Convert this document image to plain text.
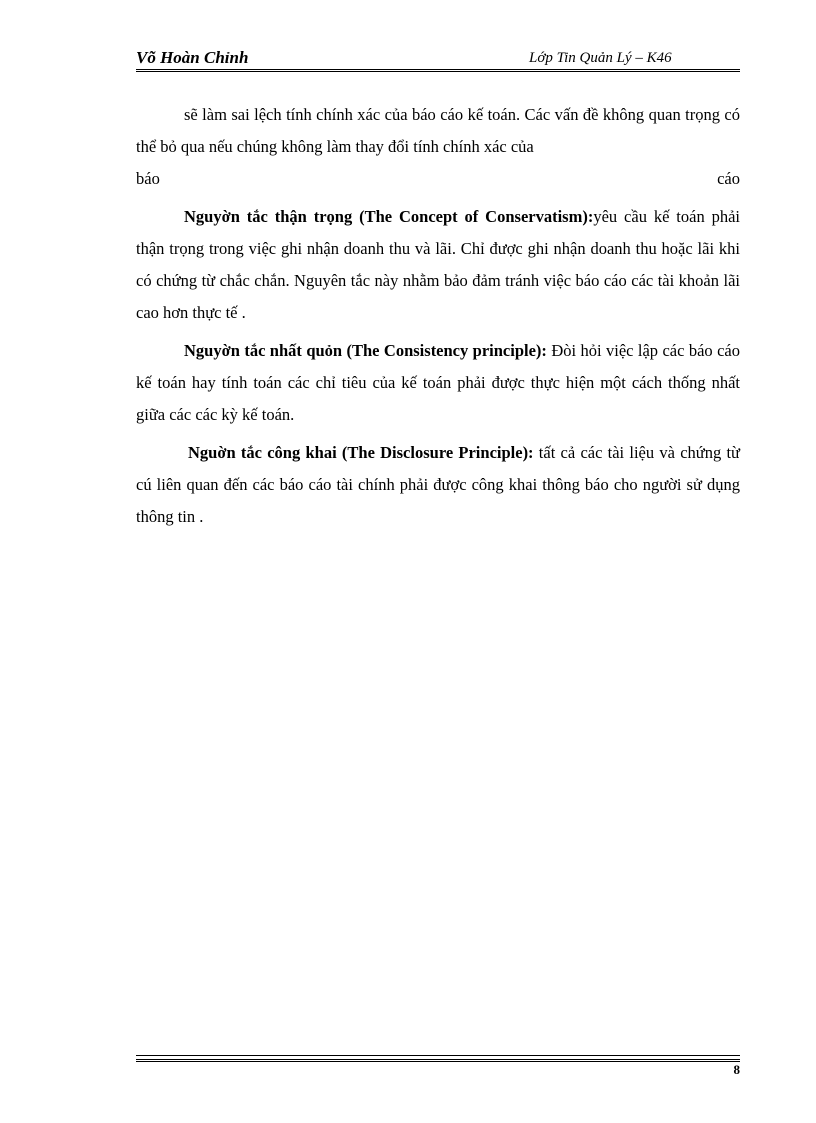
Võ Hoàn Chỉnh	Lớp Tin Quản Lý – K46

sẽ làm sai lệch tính chính xác của báo cáo kế toán. Các vấn đề không quan trọng có thể bỏ qua nếu chúng không làm thay đổi tính chính xác của

báo	cáo

Nguyờn tắc thận trọng (The Concept of Conservatism):yêu cầu kế toán phải thận trọng trong việc ghi nhận doanh thu và lãi. Chỉ được ghi nhận doanh thu hoặc lãi khi có chứng từ chắc chắn. Nguyên tắc này nhằm bảo đảm tránh việc báo cáo các tài khoản lãi cao hơn thực tế .

Nguyờn tắc nhất quỏn (The Consistency principle): Đòi hỏi việc lập các báo cáo kế toán hay tính toán các chỉ tiêu của kế toán phải được thực hiện một cách thống nhất giữa các các kỳ kế toán.

Nguờn tắc công khai (The Disclosure Principle): tất cả các tài liệu và chứng từ cú liên quan đến các báo cáo tài chính phải được công khai thông báo cho người sử dụng thông tin .

8
